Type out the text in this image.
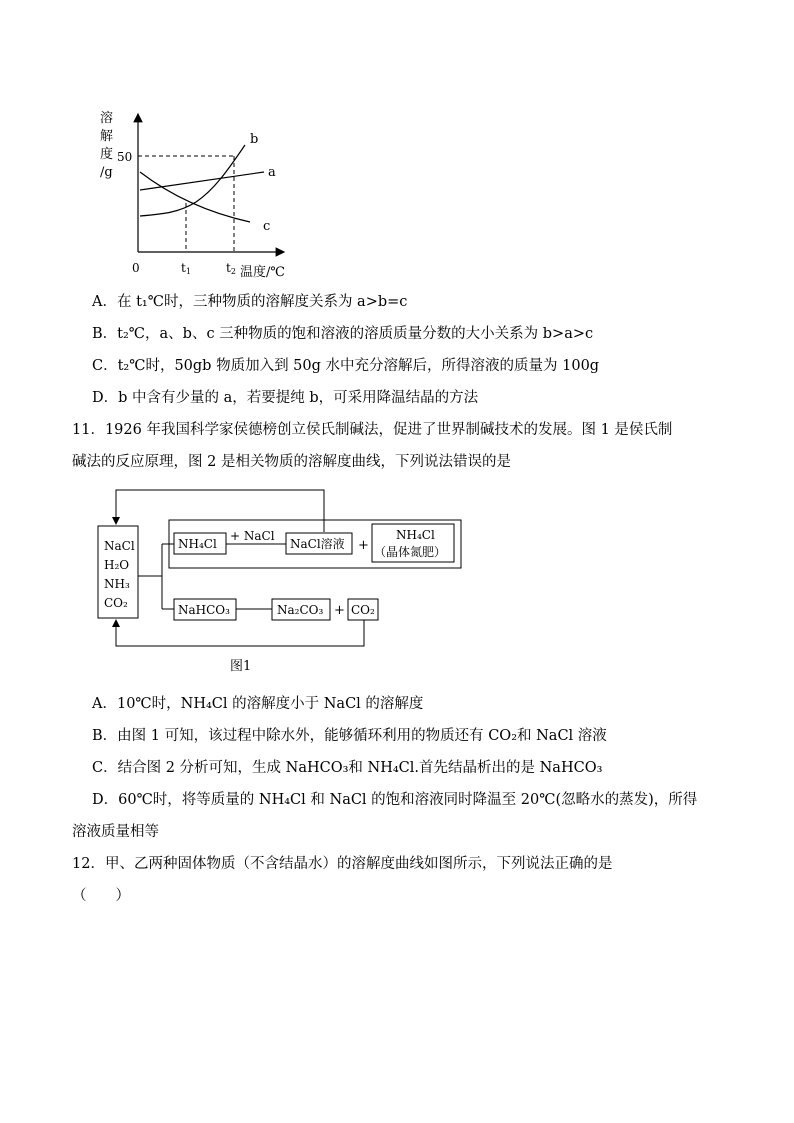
溶
解
度
/g
50
b
a
c
0	t1	t2 温度/℃
A．在 t₁℃时，三种物质的溶解度关系为 a>b=c
B．t₂℃，a、b、c 三种物质的饱和溶液的溶质质量分数的大小关系为 b>a>c
C．t₂℃时，50gb 物质加入到 50g 水中充分溶解后，所得溶液的质量为 100g
D．b 中含有少量的 a，若要提纯 b，可采用降温结晶的方法
11．1926 年我国科学家侯德榜创立侯氏制碱法，促进了世界制碱技术的发展。图 1 是侯氏制
碱法的反应原理，图 2 是相关物质的溶解度曲线，下列说法错误的是
NaCl
H₂O
NH₃
CO₂
NH₄Cl
+ NaCl
NaCl溶液 +
NH₄Cl
（晶体氮肥）
NaHCO₃	Na₂CO₃ + CO₂
图1
A．10℃时，NH₄Cl 的溶解度小于 NaCl 的溶解度
B．由图 1 可知，该过程中除水外，能够循环利用的物质还有 CO₂和 NaCl 溶液
C．结合图 2 分析可知，生成 NaHCO₃和 NH₄Cl.首先结晶析出的是 NaHCO₃
D．60℃时，将等质量的 NH₄Cl 和 NaCl 的饱和溶液同时降温至 20℃(忽略水的蒸发)，所得
溶液质量相等
12．甲、乙两种固体物质（不含结晶水）的溶解度曲线如图所示，下列说法正确的是
（　　）
